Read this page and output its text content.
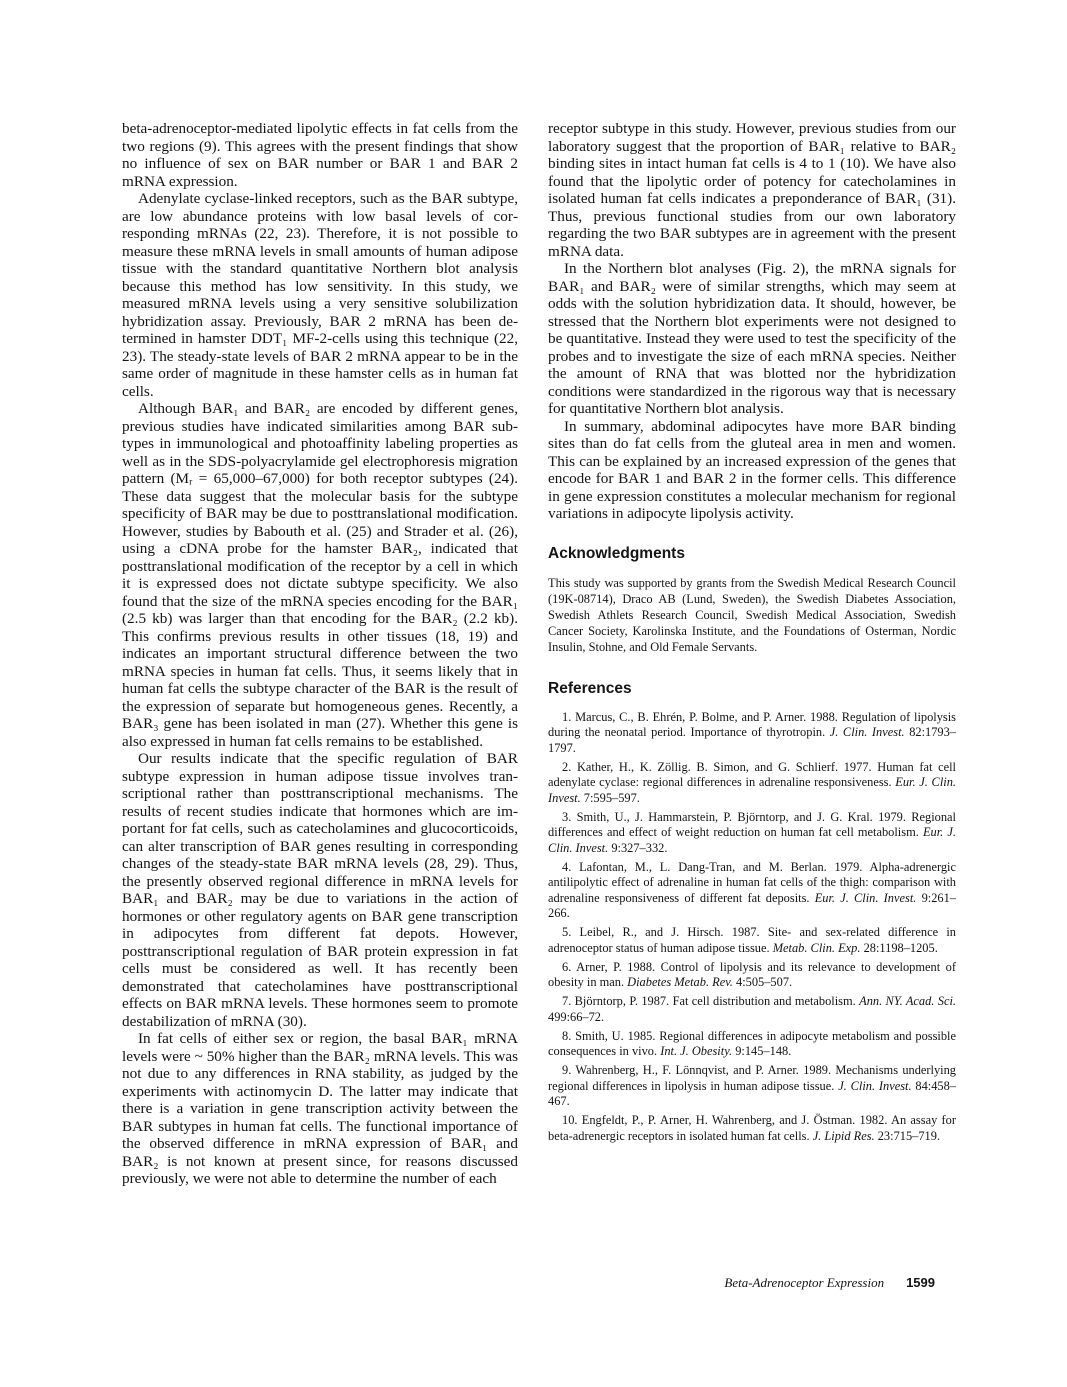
beta-adrenoceptor-mediated lipolytic effects in fat cells from the two regions (9). This agrees with the present findings that show no influence of sex on BAR number or BAR 1 and BAR 2 mRNA expression.

Adenylate cyclase-linked receptors, such as the BAR subtype, are low abundance proteins with low basal levels of corresponding mRNAs (22, 23). Therefore, it is not possible to measure these mRNA levels in small amounts of human adipose tissue with the standard quantitative Northern blot analysis because this method has low sensitivity. In this study, we measured mRNA levels using a very sensitive solubilization hybridization assay. Previously, BAR 2 mRNA has been determined in hamster DDT₁ MF-2-cells using this technique (22, 23). The steady-state levels of BAR 2 mRNA appear to be in the same order of magnitude in these hamster cells as in human fat cells.

Although BAR₁ and BAR₂ are encoded by different genes, previous studies have indicated similarities among BAR subtypes in immunological and photoaffinity labeling properties as well as in the SDS-polyacrylamide gel electrophoresis migration pattern (Mᵣ = 65,000–67,000) for both receptor subtypes (24). These data suggest that the molecular basis for the subtype specificity of BAR may be due to posttranslational modification. However, studies by Babouth et al. (25) and Strader et al. (26), using a cDNA probe for the hamster BAR₂, indicated that posttranslational modification of the receptor by a cell in which it is expressed does not dictate subtype specificity. We also found that the size of the mRNA species encoding for the BAR₁ (2.5 kb) was larger than that encoding for the BAR₂ (2.2 kb). This confirms previous results in other tissues (18, 19) and indicates an important structural difference between the two mRNA species in human fat cells. Thus, it seems likely that in human fat cells the subtype character of the BAR is the result of the expression of separate but homogeneous genes. Recently, a BAR₃ gene has been isolated in man (27). Whether this gene is also expressed in human fat cells remains to be established.

Our results indicate that the specific regulation of BAR subtype expression in human adipose tissue involves transcriptional rather than posttranscriptional mechanisms. The results of recent studies indicate that hormones which are important for fat cells, such as catecholamines and glucocorticoids, can alter transcription of BAR genes resulting in corresponding changes of the steady-state BAR mRNA levels (28, 29). Thus, the presently observed regional difference in mRNA levels for BAR₁ and BAR₂ may be due to variations in the action of hormones or other regulatory agents on BAR gene transcription in adipocytes from different fat depots. However, posttranscriptional regulation of BAR protein expression in fat cells must be considered as well. It has recently been demonstrated that catecholamines have posttranscriptional effects on BAR mRNA levels. These hormones seem to promote destabilization of mRNA (30).

In fat cells of either sex or region, the basal BAR₁ mRNA levels were ~ 50% higher than the BAR₂ mRNA levels. This was not due to any differences in RNA stability, as judged by the experiments with actinomycin D. The latter may indicate that there is a variation in gene transcription activity between the BAR subtypes in human fat cells. The functional importance of the observed difference in mRNA expression of BAR₁ and BAR₂ is not known at present since, for reasons discussed previously, we were not able to determine the number of each

receptor subtype in this study. However, previous studies from our laboratory suggest that the proportion of BAR₁ relative to BAR₂ binding sites in intact human fat cells is 4 to 1 (10). We have also found that the lipolytic order of potency for catecholamines in isolated human fat cells indicates a preponderance of BAR₁ (31). Thus, previous functional studies from our own laboratory regarding the two BAR subtypes are in agreement with the present mRNA data.

In the Northern blot analyses (Fig. 2), the mRNA signals for BAR₁ and BAR₂ were of similar strengths, which may seem at odds with the solution hybridization data. It should, however, be stressed that the Northern blot experiments were not designed to be quantitative. Instead they were used to test the specificity of the probes and to investigate the size of each mRNA species. Neither the amount of RNA that was blotted nor the hybridization conditions were standardized in the rigorous way that is necessary for quantitative Northern blot analysis.

In summary, abdominal adipocytes have more BAR binding sites than do fat cells from the gluteal area in men and women. This can be explained by an increased expression of the genes that encode for BAR 1 and BAR 2 in the former cells. This difference in gene expression constitutes a molecular mechanism for regional variations in adipocyte lipolysis activity.

Acknowledgments

This study was supported by grants from the Swedish Medical Research Council (19K-08714), Draco AB (Lund, Sweden), the Swedish Diabetes Association, Swedish Athlets Research Council, Swedish Medical Association, Swedish Cancer Society, Karolinska Institute, and the Foundations of Osterman, Nordic Insulin, Stohne, and Old Female Servants.

References

1. Marcus, C., B. Ehrén, P. Bolme, and P. Arner. 1988. Regulation of lipolysis during the neonatal period. Importance of thyrotropin. J. Clin. Invest. 82:1793–1797.

2. Kather, H., K. Zöllig. B. Simon, and G. Schlierf. 1977. Human fat cell adenylate cyclase: regional differences in adrenaline responsiveness. Eur. J. Clin. Invest. 7:595–597.

3. Smith, U., J. Hammarstein, P. Björntorp, and J. G. Kral. 1979. Regional differences and effect of weight reduction on human fat cell metabolism. Eur. J. Clin. Invest. 9:327–332.

4. Lafontan, M., L. Dang-Tran, and M. Berlan. 1979. Alpha-adrenergic antilipolytic effect of adrenaline in human fat cells of the thigh: comparison with adrenaline responsiveness of different fat deposits. Eur. J. Clin. Invest. 9:261–266.

5. Leibel, R., and J. Hirsch. 1987. Site- and sex-related difference in adrenoceptor status of human adipose tissue. Metab. Clin. Exp. 28:1198–1205.

6. Arner, P. 1988. Control of lipolysis and its relevance to development of obesity in man. Diabetes Metab. Rev. 4:505–507.

7. Björntorp, P. 1987. Fat cell distribution and metabolism. Ann. NY. Acad. Sci. 499:66–72.

8. Smith, U. 1985. Regional differences in adipocyte metabolism and possible consequences in vivo. Int. J. Obesity. 9:145–148.

9. Wahrenberg, H., F. Lönnqvist, and P. Arner. 1989. Mechanisms underlying regional differences in lipolysis in human adipose tissue. J. Clin. Invest. 84:458–467.

10. Engfeldt, P., P. Arner, H. Wahrenberg, and J. Östman. 1982. An assay for beta-adrenergic receptors in isolated human fat cells. J. Lipid Res. 23:715–719.

Beta-Adrenoceptor Expression 1599
